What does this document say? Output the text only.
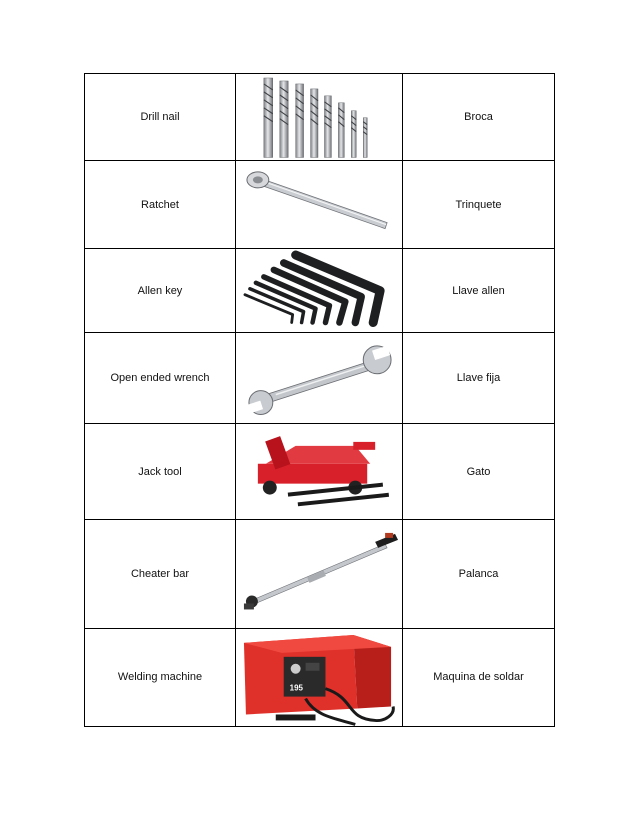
Drill nail		Broca
Ratchet		Trinquete
Allen key		Llave allen
Open ended wrench		Llave fija
Jack tool		Gato
Cheater bar		Palanca
Welding machine	195	Maquina de soldar
